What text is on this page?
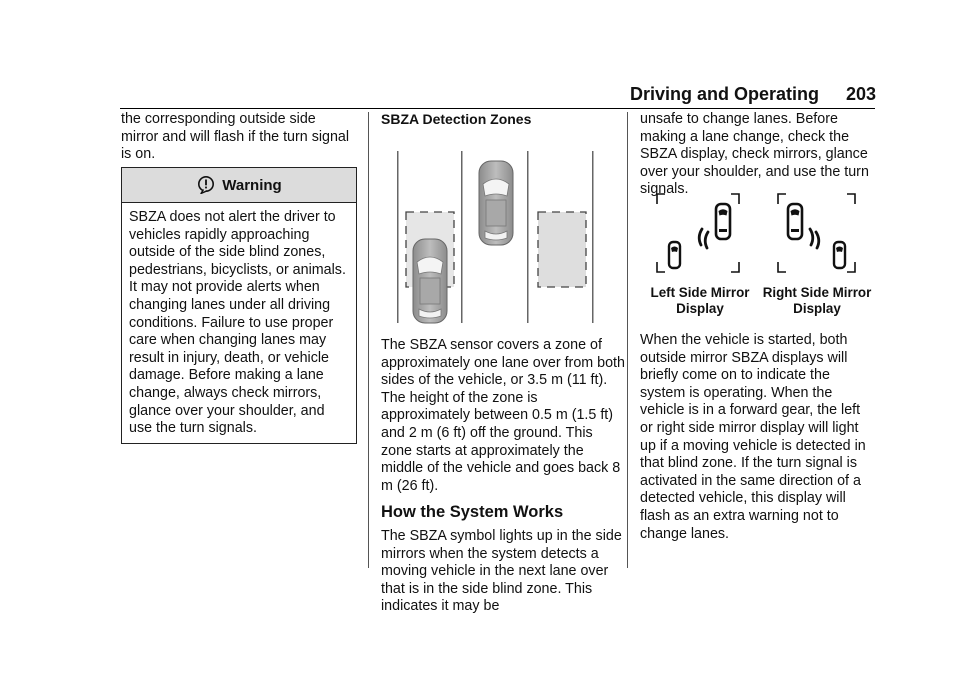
Driving and Operating 203

the corresponding outside side mirror and will flash if the turn signal is on.

Warning

SBZA does not alert the driver to vehicles rapidly approaching outside of the side blind zones, pedestrians, bicyclists, or animals. It may not provide alerts when changing lanes under all driving conditions. Failure to use proper care when changing lanes may result in injury, death, or vehicle damage. Before making a lane change, always check mirrors, glance over your shoulder, and use the turn signals.

SBZA Detection Zones

The SBZA sensor covers a zone of approximately one lane over from both sides of the vehicle, or 3.5 m (11 ft). The height of the zone is approximately between 0.5 m (1.5 ft) and 2 m (6 ft) off the ground. This zone starts at approximately the middle of the vehicle and goes back 8 m (26 ft).

How the System Works

The SBZA symbol lights up in the side mirrors when the system detects a moving vehicle in the next lane over that is in the side blind zone. This indicates it may be

unsafe to change lanes. Before making a lane change, check the SBZA display, check mirrors, glance over your shoulder, and use the turn signals.

Left Side Mirror Display
Right Side Mirror Display

When the vehicle is started, both outside mirror SBZA displays will briefly come on to indicate the system is operating. When the vehicle is in a forward gear, the left or right side mirror display will light up if a moving vehicle is detected in that blind zone. If the turn signal is activated in the same direction of a detected vehicle, this display will flash as an extra warning not to change lanes.
